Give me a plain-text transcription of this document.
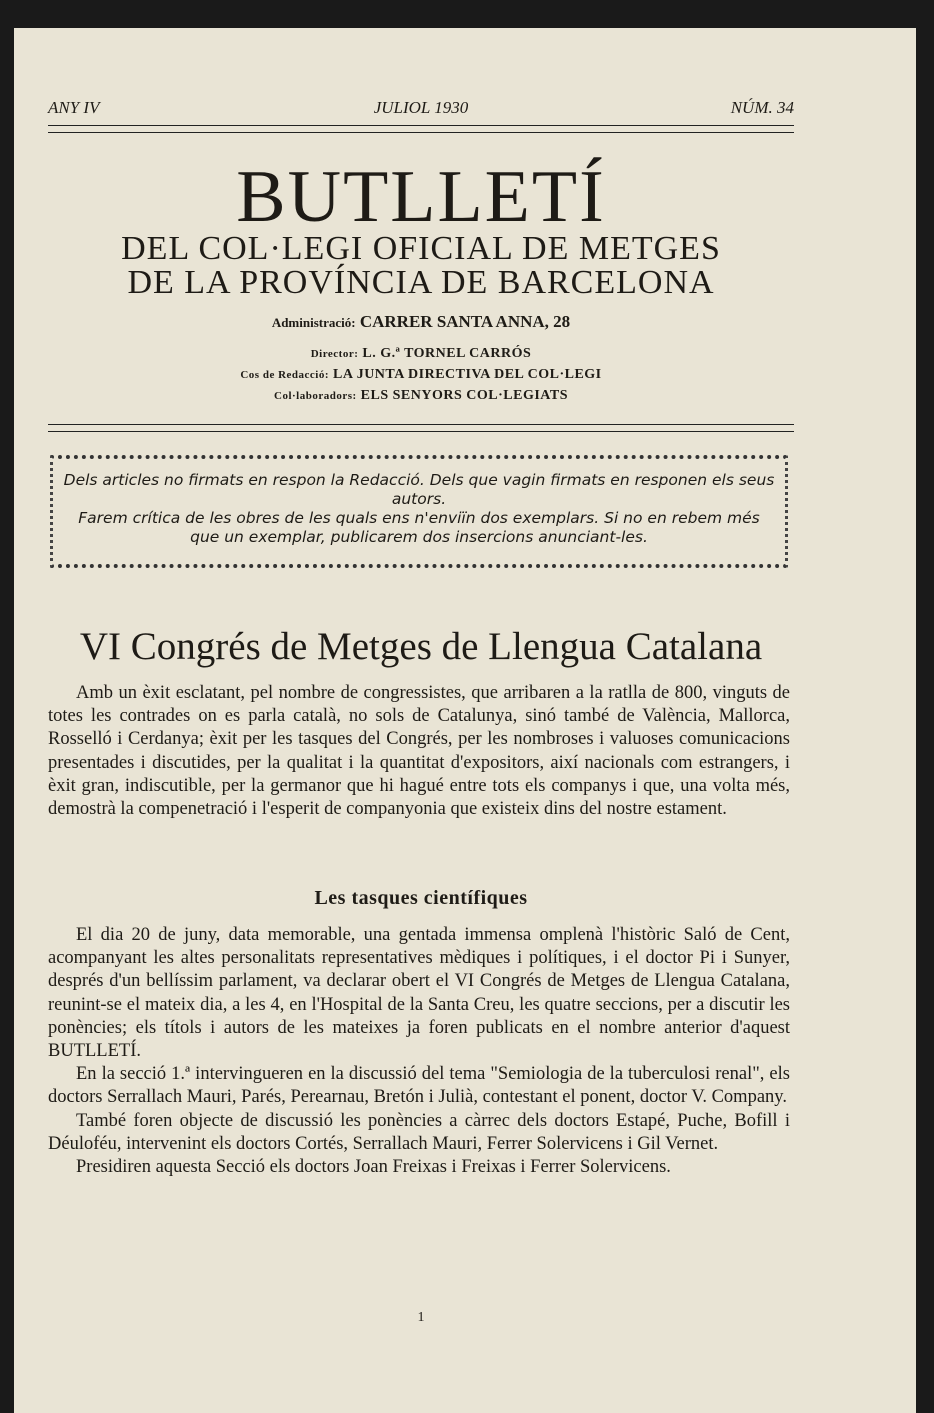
ANY IV	JULIOL 1930	NÚM. 34
BUTLLETÍ
DEL COL·LEGI OFICIAL DE METGES
DE LA PROVÍNCIA DE BARCELONA
Administració: CARRER SANTA ANNA, 28
Director: L. G.ª TORNEL CARRÓS
Cos de Redacció: LA JUNTA DIRECTIVA DEL COL·LEGI
Col·laboradors: ELS SENYORS COL·LEGIATS

Dels articles no firmats en respon la Redacció. Dels que vagin firmats en responen els seus autors.

Farem crítica de les obres de les quals ens n'enviïn dos exemplars. Si no en rebem més que un exemplar, publicarem dos insercions anunciant-les.

VI Congrés de Metges de Llengua Catalana

Amb un èxit esclatant, pel nombre de congressistes, que arribaren a la ratlla de 800, vinguts de totes les contrades on es parla català, no sols de Catalunya, sinó també de València, Mallorca, Rosselló i Cerdanya; èxit per les tasques del Congrés, per les nombroses i valuoses comunicacions presentades i discutides, per la qualitat i la quantitat d'expositors, així nacionals com estrangers, i èxit gran, indiscutible, per la germanor que hi hagué entre tots els companys i que, una volta més, demostrà la compenetració i l'esperit de companyonia que existeix dins del nostre estament.

Les tasques científiques

El dia 20 de juny, data memorable, una gentada immensa omplenà l'històric Saló de Cent, acompanyant les altes personalitats representatives mèdiques i polítiques, i el doctor Pi i Sunyer, després d'un bellíssim parlament, va declarar obert el VI Congrés de Metges de Llengua Catalana, reunint-se el mateix dia, a les 4, en l'Hospital de la Santa Creu, les quatre seccions, per a discutir les ponències; els títols i autors de les mateixes ja foren publicats en el nombre anterior d'aquest BUTLLETÍ.

En la secció 1.ª intervingueren en la discussió del tema "Semiologia de la tuberculosi renal", els doctors Serrallach Mauri, Parés, Perearnau, Bretón i Julià, contestant el ponent, doctor V. Company.

També foren objecte de discussió les ponències a càrrec dels doctors Estapé, Puche, Bofill i Déuloféu, intervenint els doctors Cortés, Serrallach Mauri, Ferrer Solervicens i Gil Vernet.

Presidiren aquesta Secció els doctors Joan Freixas i Freixas i Ferrer Solervicens.

1
